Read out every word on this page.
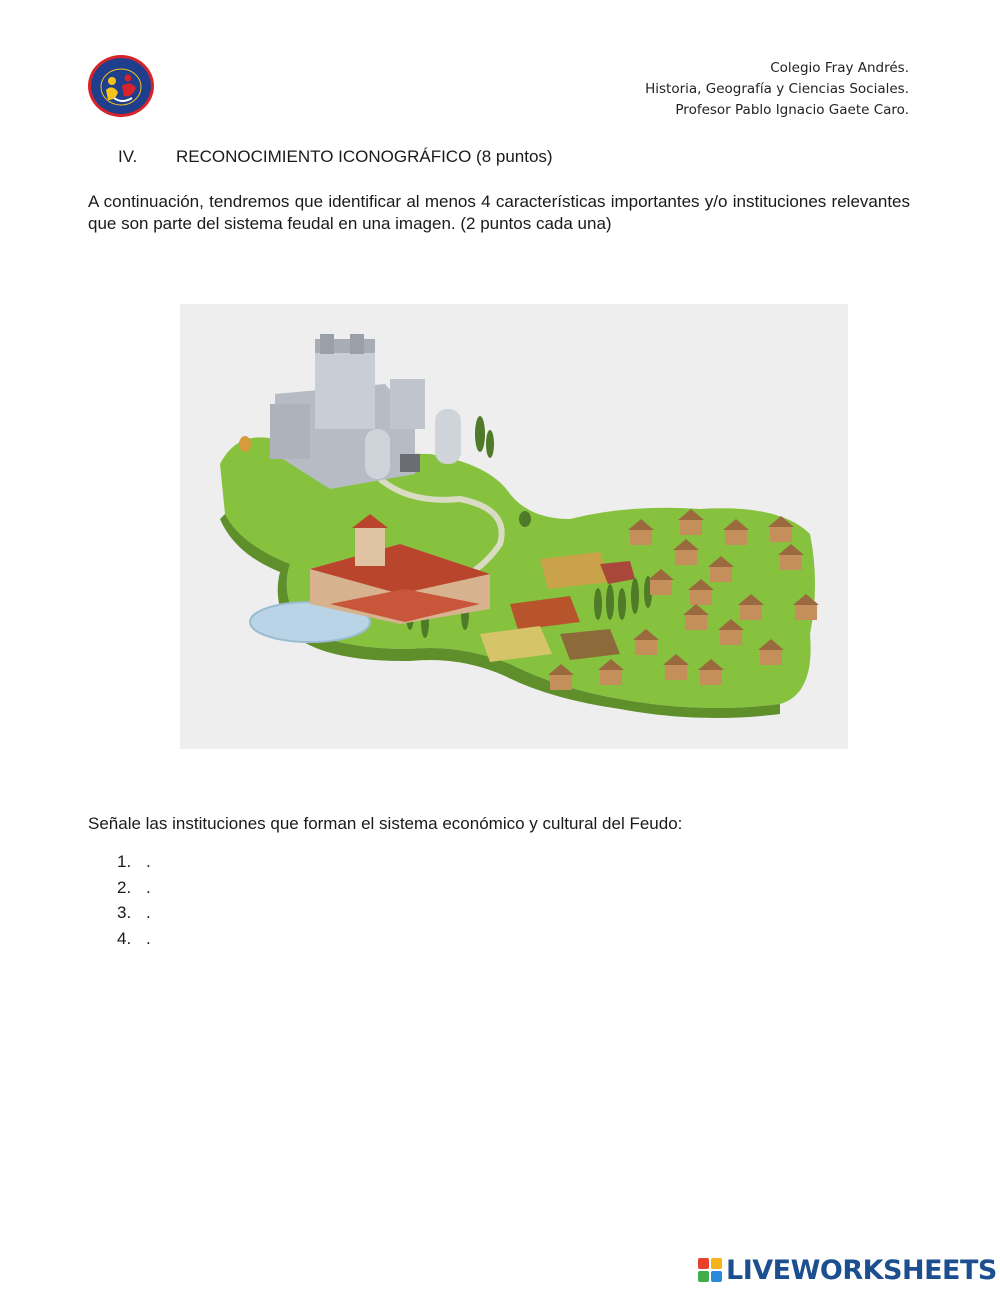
Colegio Fray Andrés.
Historia, Geografía y Ciencias Sociales.
Profesor Pablo Ignacio Gaete Caro.
IV. RECONOCIMIENTO ICONOGRÁFICO (8 puntos)
A continuación, tendremos que identificar al menos 4 características importantes y/o instituciones relevantes que son parte del sistema feudal en una imagen. (2 puntos cada una)
Señale las instituciones que forman el sistema económico y cultural del Feudo:
1. .
2. .
3. .
4. .
LIVEWORKSHEETS
